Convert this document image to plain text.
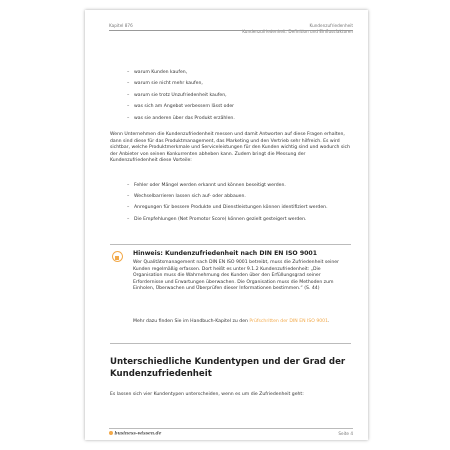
Kapitel 876	Kundenzufriedenheit
Kundenzufriedenheit: Definition und Einflussfaktoren
– warum Kunden kaufen,
– warum sie nicht mehr kaufen,
– warum sie trotz Unzufriedenheit kaufen,
– was sich am Angebot verbessern lässt oder
– was sie anderen über das Produkt erzählen.
Wenn Unternehmen die Kundenzufriedenheit messen und damit Antworten auf diese Fragen erhalten, dann sind diese für das Produktmanagement, das Marketing und den Vertrieb sehr hilfreich. Es wird sichtbar, welche Produktmerkmale und Serviceleistungen für den Kunden wichtig sind und wodurch sich der Anbieter von seinen Konkurrenten abheben kann. Zudem bringt die Messung der Kundenzufriedenheit diese Vorteile:
– Fehler oder Mängel werden erkannt und können beseitigt werden.
– Wechselbarrieren lassen sich auf- oder abbauen.
– Anregungen für bessere Produkte und Dienstleistungen können identifiziert werden.
– Die Empfehlungen (Net Promotor Score) können gezielt gesteigert werden.
Hinweis: Kundenzufriedenheit nach DIN EN ISO 9001
Wer Qualitätsmanagement nach DIN EN ISO 9001 betreibt, muss die Zufriedenheit seiner Kunden regelmäßig erfassen. Dort heißt es unter 9.1.2 Kundenzufriedenheit: „Die Organisation muss die Wahrnehmung des Kunden über den Erfüllungsgrad seiner Erfordernisse und Erwartungen überwachen. Die Organisation muss die Methoden zum Einholen, Überwachen und Überprüfen dieser Informationen bestimmen.“ (S. 44)
Mehr dazu finden Sie im Handbuch-Kapitel zu den Prüfschritten der DIN EN ISO 9001.
Unterschiedliche Kundentypen und der Grad der Kundenzufriedenheit
Es lassen sich vier Kundentypen unterscheiden, wenn es um die Zufriedenheit geht:
business-wissen.de	Seite 4
